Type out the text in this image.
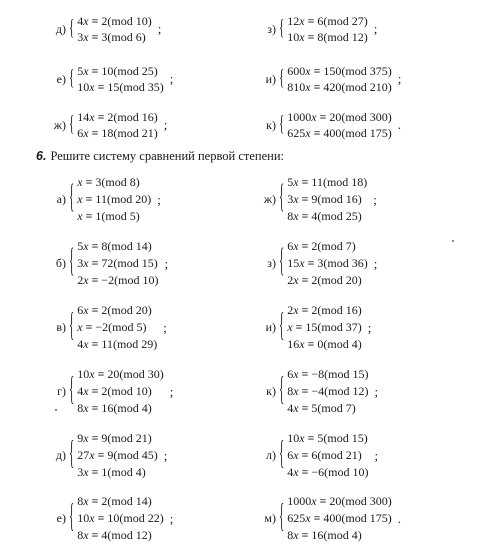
д) { 4x ≡ 2(mod 10)
3x ≡ 3(mod 6)
;	з) { 12x ≡ 6(mod 27)
10x ≡ 8(mod 12)
;
е) { 5x ≡ 10(mod 25)
10x ≡ 15(mod 35)
;	и) { 600x ≡ 150(mod 375)
810x ≡ 420(mod 210)
;
ж) { 14x ≡ 2(mod 16)
6x ≡ 18(mod 21)
;	к) { 1000x ≡ 20(mod 300)
625x ≡ 400(mod 175)
.
6. Решите систему сравнений первой степени:
а) { x ≡ 3(mod 8)
x ≡ 11(mod 20)
x ≡ 1(mod 5)
;	ж) { 5x ≡ 11(mod 18)
3x ≡ 9(mod 16)
8x ≡ 4(mod 25)
;
б) { 5x ≡ 8(mod 14)
3x ≡ 72(mod 15)
2x ≡ −2(mod 10)
;	з) { 6x ≡ 2(mod 7)
15x ≡ 3(mod 36)
2x ≡ 2(mod 20)
;
в) { 6x ≡ 2(mod 20)
x ≡ −2(mod 5)
4x ≡ 11(mod 29)
;	и) { 2x ≡ 2(mod 16)
x ≡ 15(mod 37)
16x ≡ 0(mod 4)
;
г) { 10x ≡ 20(mod 30)
4x ≡ 2(mod 10)
8x ≡ 16(mod 4)
;	к) { 6x ≡ −8(mod 15)
8x ≡ −4(mod 12)
4x ≡ 5(mod 7)
;
д) { 9x ≡ 9(mod 21)
27x ≡ 9(mod 45)
3x ≡ 1(mod 4)
;	л) { 10x ≡ 5(mod 15)
6x ≡ 6(mod 21)
4x ≡ −6(mod 10)
;
е) { 8x ≡ 2(mod 14)
10x ≡ 10(mod 22)
8x ≡ 4(mod 12)
;	м) { 1000x ≡ 20(mod 300)
625x ≡ 400(mod 175)
8x ≡ 16(mod 4)
.
